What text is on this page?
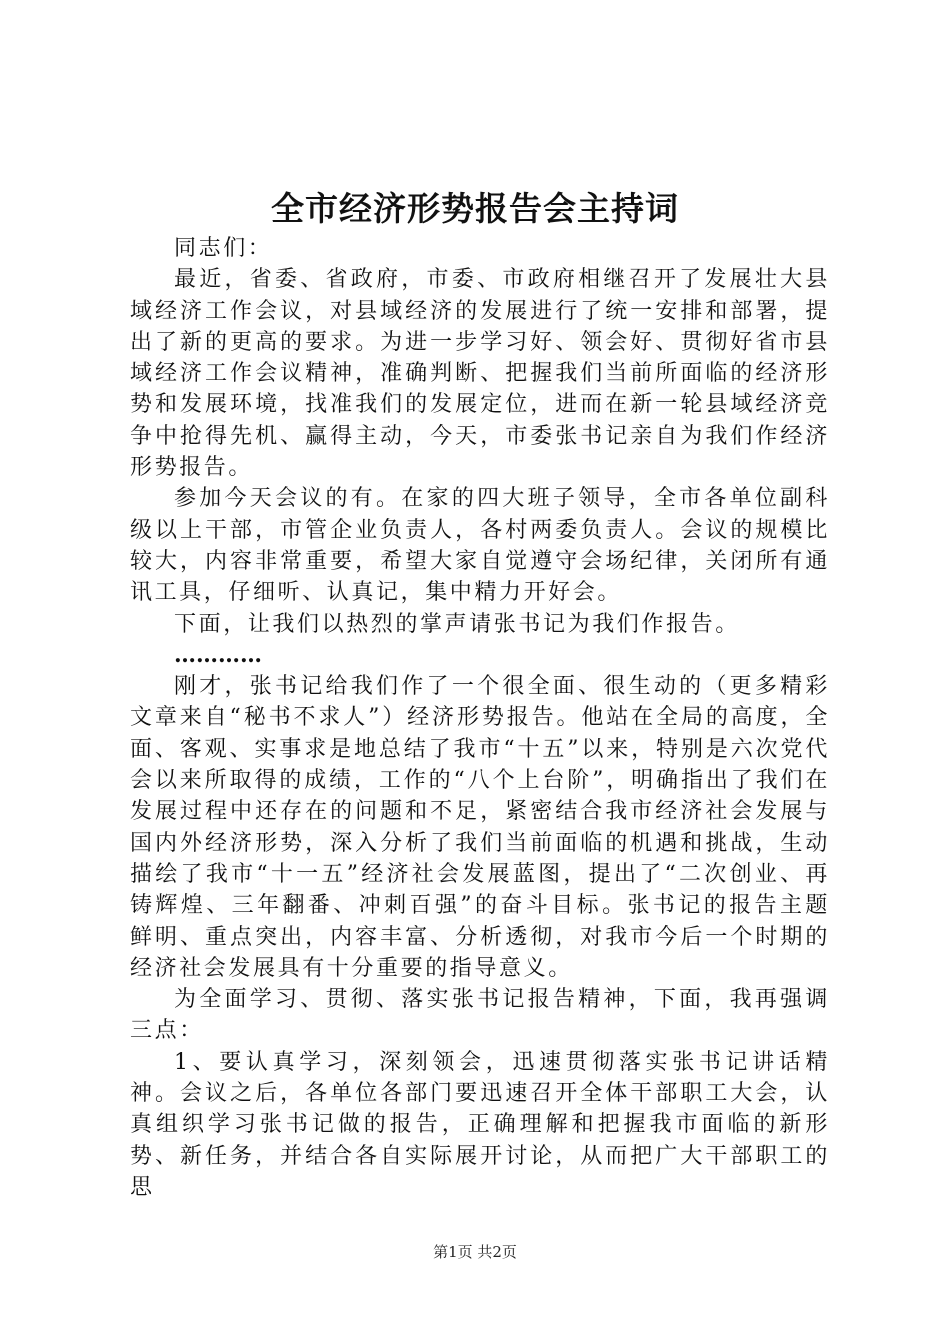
全市经济形势报告会主持词

同志们：

最近，省委、省政府，市委、市政府相继召开了发展壮大县域经济工作会议，对县域经济的发展进行了统一安排和部署，提出了新的更高的要求。为进一步学习好、领会好、贯彻好省市县域经济工作会议精神，准确判断、把握我们当前所面临的经济形势和发展环境，找准我们的发展定位，进而在新一轮县域经济竞争中抢得先机、赢得主动，今天，市委张书记亲自为我们作经济形势报告。

参加今天会议的有。在家的四大班子领导，全市各单位副科级以上干部，市管企业负责人，各村两委负责人。会议的规模比较大，内容非常重要，希望大家自觉遵守会场纪律，关闭所有通讯工具，仔细听、认真记，集中精力开好会。

下面，让我们以热烈的掌声请张书记为我们作报告。

…………

刚才，张书记给我们作了一个很全面、很生动的（更多精彩文章来自“秘书不求人”）经济形势报告。他站在全局的高度，全面、客观、实事求是地总结了我市“十五”以来，特别是六次党代会以来所取得的成绩，工作的“八个上台阶”，明确指出了我们在发展过程中还存在的问题和不足，紧密结合我市经济社会发展与国内外经济形势，深入分析了我们当前面临的机遇和挑战，生动描绘了我市“十一五”经济社会发展蓝图，提出了“二次创业、再铸辉煌、三年翻番、冲刺百强”的奋斗目标。张书记的报告主题鲜明、重点突出，内容丰富、分析透彻，对我市今后一个时期的经济社会发展具有十分重要的指导意义。

为全面学习、贯彻、落实张书记报告精神，下面，我再强调三点：

1、要认真学习，深刻领会，迅速贯彻落实张书记讲话精神。会议之后，各单位各部门要迅速召开全体干部职工大会，认真组织学习张书记做的报告，正确理解和把握我市面临的新形势、新任务，并结合各自实际展开讨论，从而把广大干部职工的思

第1页 共2页
